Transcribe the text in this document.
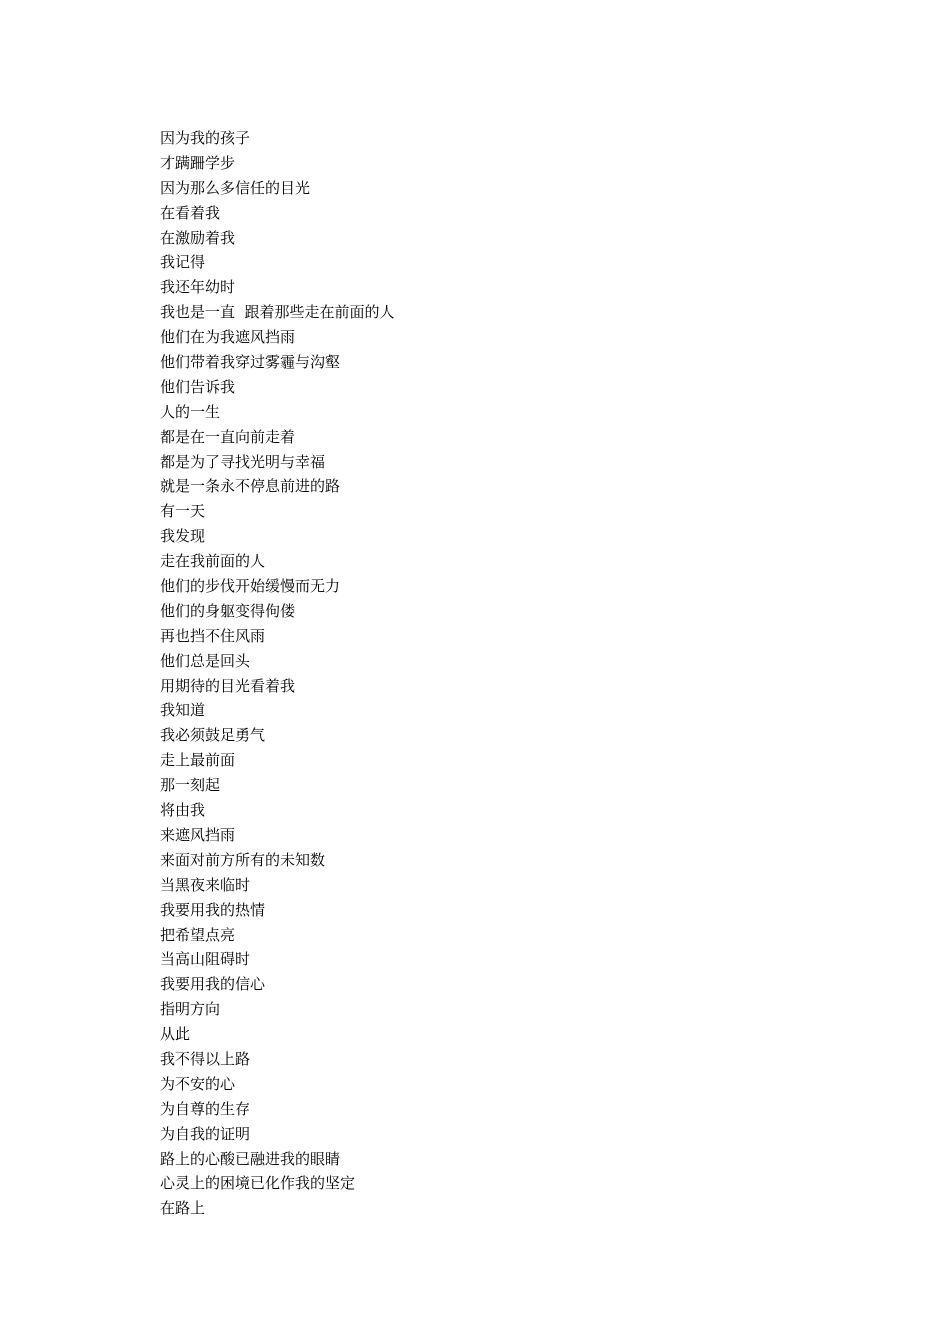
因为我的孩子
才蹒跚学步
因为那么多信任的目光
在看着我
在激励着我
我记得
我还年幼时
我也是一直  跟着那些走在前面的人
他们在为我遮风挡雨
他们带着我穿过雾霾与沟壑
他们告诉我
人的一生
都是在一直向前走着
都是为了寻找光明与幸福
就是一条永不停息前进的路
有一天
我发现
走在我前面的人
他们的步伐开始缓慢而无力
他们的身躯变得佝偻
再也挡不住风雨
他们总是回头
用期待的目光看着我
我知道
我必须鼓足勇气
走上最前面
那一刻起
将由我
来遮风挡雨
来面对前方所有的未知数
当黑夜来临时
我要用我的热情
把希望点亮
当高山阻碍时
我要用我的信心
指明方向
从此
我不得以上路
为不安的心
为自尊的生存
为自我的证明
路上的心酸已融进我的眼睛
心灵上的困境已化作我的坚定
在路上
